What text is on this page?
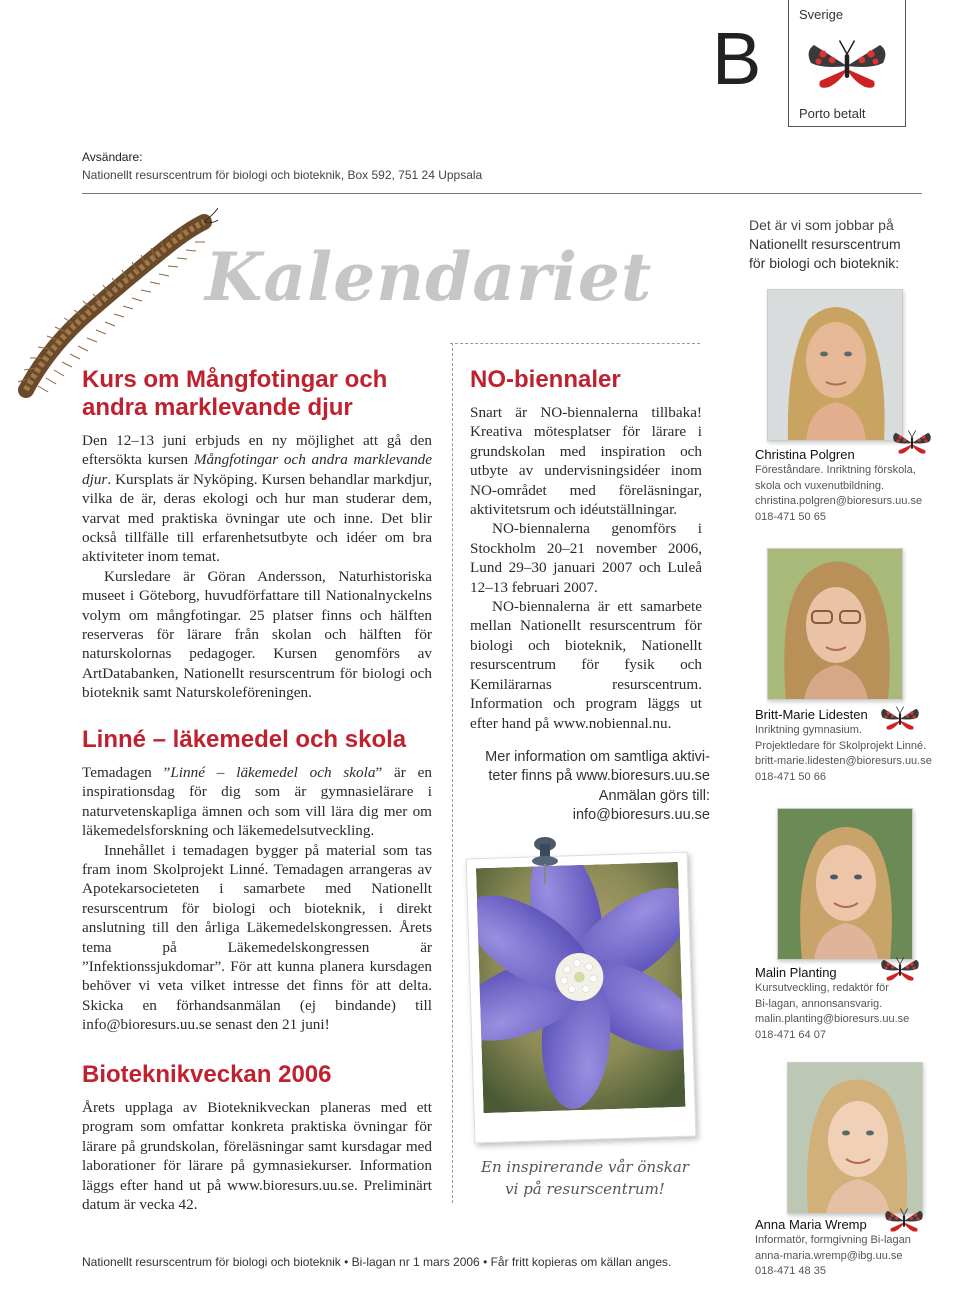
B
Sverige
Porto betalt
Avsändare:
Nationellt resurscentrum för biologi och bioteknik, Box 592, 751 24 Uppsala
Kalendariet
Kurs om Mångfotingar och
andra marklevande djur

Den 12–13 juni erbjuds en ny möjlighet att gå den eftersökta kursen Mångfotingar och andra marklevande djur. Kursplats är Nyköping. Kursen behandlar markdjur, vilka de är, deras ekologi och hur man studerar dem, varvat med praktiska övningar ute och inne. Det blir också tillfälle till erfarenhetsutbyte och idéer om bra aktiviteter inom temat.

Kursledare är Göran Andersson, Naturhistoriska museet i Göteborg, huvudförfattare till Nationalnyckelns volym om mångfotingar. 25 platser finns och hälften reserveras för lärare från skolan och hälften för naturskolornas pedagoger. Kursen genomförs av ArtDatabanken, Nationellt resurscentrum för biologi och bioteknik samt Naturskoleföreningen.

Linné – läkemedel och skola

Temadagen ”Linné – läkemedel och skola” är en inspirationsdag för dig som är gymnasielärare i naturvetenskapliga ämnen och som vill lära dig mer om läkemedelsforskning och läkemedelsutveckling.

Innehållet i temadagen bygger på material som tas fram inom Skolprojekt Linné. Temadagen arrangeras av Apotekarsocieteten i samarbete med Nationellt resurscentrum för biologi och bioteknik, i direkt anslutning till den årliga Läkemedelskongressen. Årets tema på Läkemedelskongressen är ”Infektionssjukdomar”. För att kunna planera kursdagen behöver vi veta vilket intresse det finns för att delta. Skicka en förhandsanmälan (ej bindande) till info@bioresurs.uu.se senast den 21 juni!

Bioteknikveckan 2006

Årets upplaga av Bioteknikveckan planeras med ett program som omfattar konkreta praktiska övningar för lärare på grundskolan, föreläsningar samt kursdagar med laborationer för lärare på gymnasiekurser. Information läggs efter hand ut på www.bioresurs.uu.se. Preliminärt datum är vecka 42.

NO-biennaler

Snart är NO-biennalerna tillbaka! Kreativa mötesplatser för lärare i grundskolan med inspiration och utbyte av undervisningsidéer inom NO-området med föreläsningar, aktivitetsrum och idéutställningar.

NO-biennalerna genomförs i Stockholm 20–21 november 2006, Lund 29–30 januari 2007 och Luleå 12–13 februari 2007.

NO-biennalerna är ett samarbete mellan Nationellt resurscentrum för biologi och bioteknik, Nationellt resurscentrum för fysik och Kemilärarnas resurscentrum. Information och program läggs ut efter hand på www.nobiennal.nu.

Mer information om samtliga aktivi-
teter finns på www.bioresurs.uu.se
Anmälan görs till:
info@bioresurs.uu.se
En inspirerande vår önskar
vi på resurscentrum!
Det är vi som jobbar på
Nationellt resurscentrum
för biologi och bioteknik:
Christina Polgren
Föreståndare. Inriktning förskola,
skola och vuxenutbildning.
christina.polgren@bioresurs.uu.se
018-471 50 65
Britt-Marie Lidesten
Inriktning gymnasium.
Projektledare för Skolprojekt Linné.
britt-marie.lidesten@bioresurs.uu.se
018-471 50 66
Malin Planting
Kursutveckling, redaktör för
Bi-lagan, annonsansvarig.
malin.planting@bioresurs.uu.se
018-471 64 07
Anna Maria Wremp
Informatör, formgivning Bi-lagan
anna-maria.wremp@ibg.uu.se
018-471 48 35
Nationellt resurscentrum för biologi och bioteknik • Bi-lagan nr 1 mars 2006 • Får fritt kopieras om källan anges.
